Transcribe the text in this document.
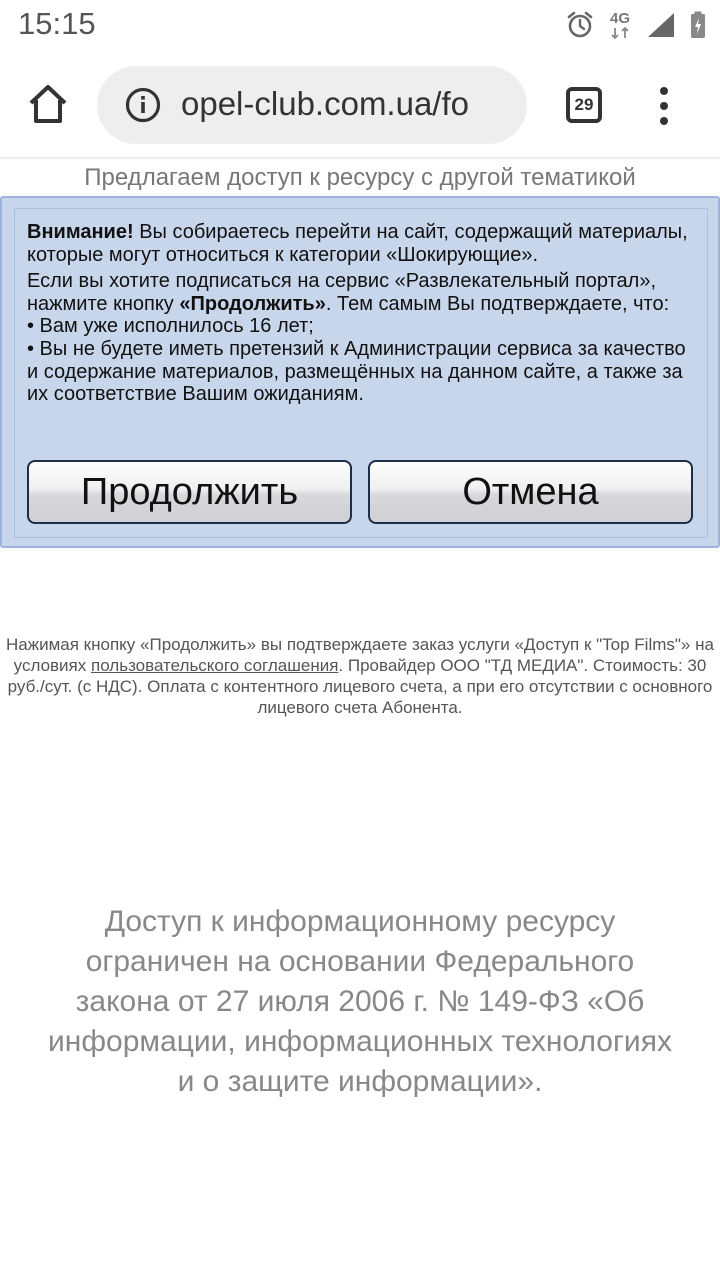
15:15	4G
opel-club.com.ua/fo	29
Предлагаем доступ к ресурсу с другой тематикой

Внимание! Вы собираетесь перейти на сайт, содержащий материалы, которые могут относиться к категории «Шокирующие».

Если вы хотите подписаться на сервис «Развлекательный портал», нажмите кнопку «Продолжить». Тем самым Вы подтверждаете, что:
• Вам уже исполнилось 16 лет;
• Вы не будете иметь претензий к Администрации сервиса за качество и содержание материалов, размещённых на данном сайте, а также за их соответствие Вашим ожиданиям.

Продолжить	Отмена
Нажимая кнопку «Продолжить» вы подтверждаете заказ услуги «Доступ к "Top Films"» на условиях пользовательского соглашения. Провайдер ООО "ТД МЕДИА". Стоимость: 30 руб./сут. (с НДС). Оплата с контентного лицевого счета, а при его отсутствии с основного лицевого счета Абонента.
Доступ к информационному ресурсу ограничен на основании Федерального закона от 27 июля 2006 г. № 149-ФЗ «Об информации, информационных технологиях и о защите информации».
